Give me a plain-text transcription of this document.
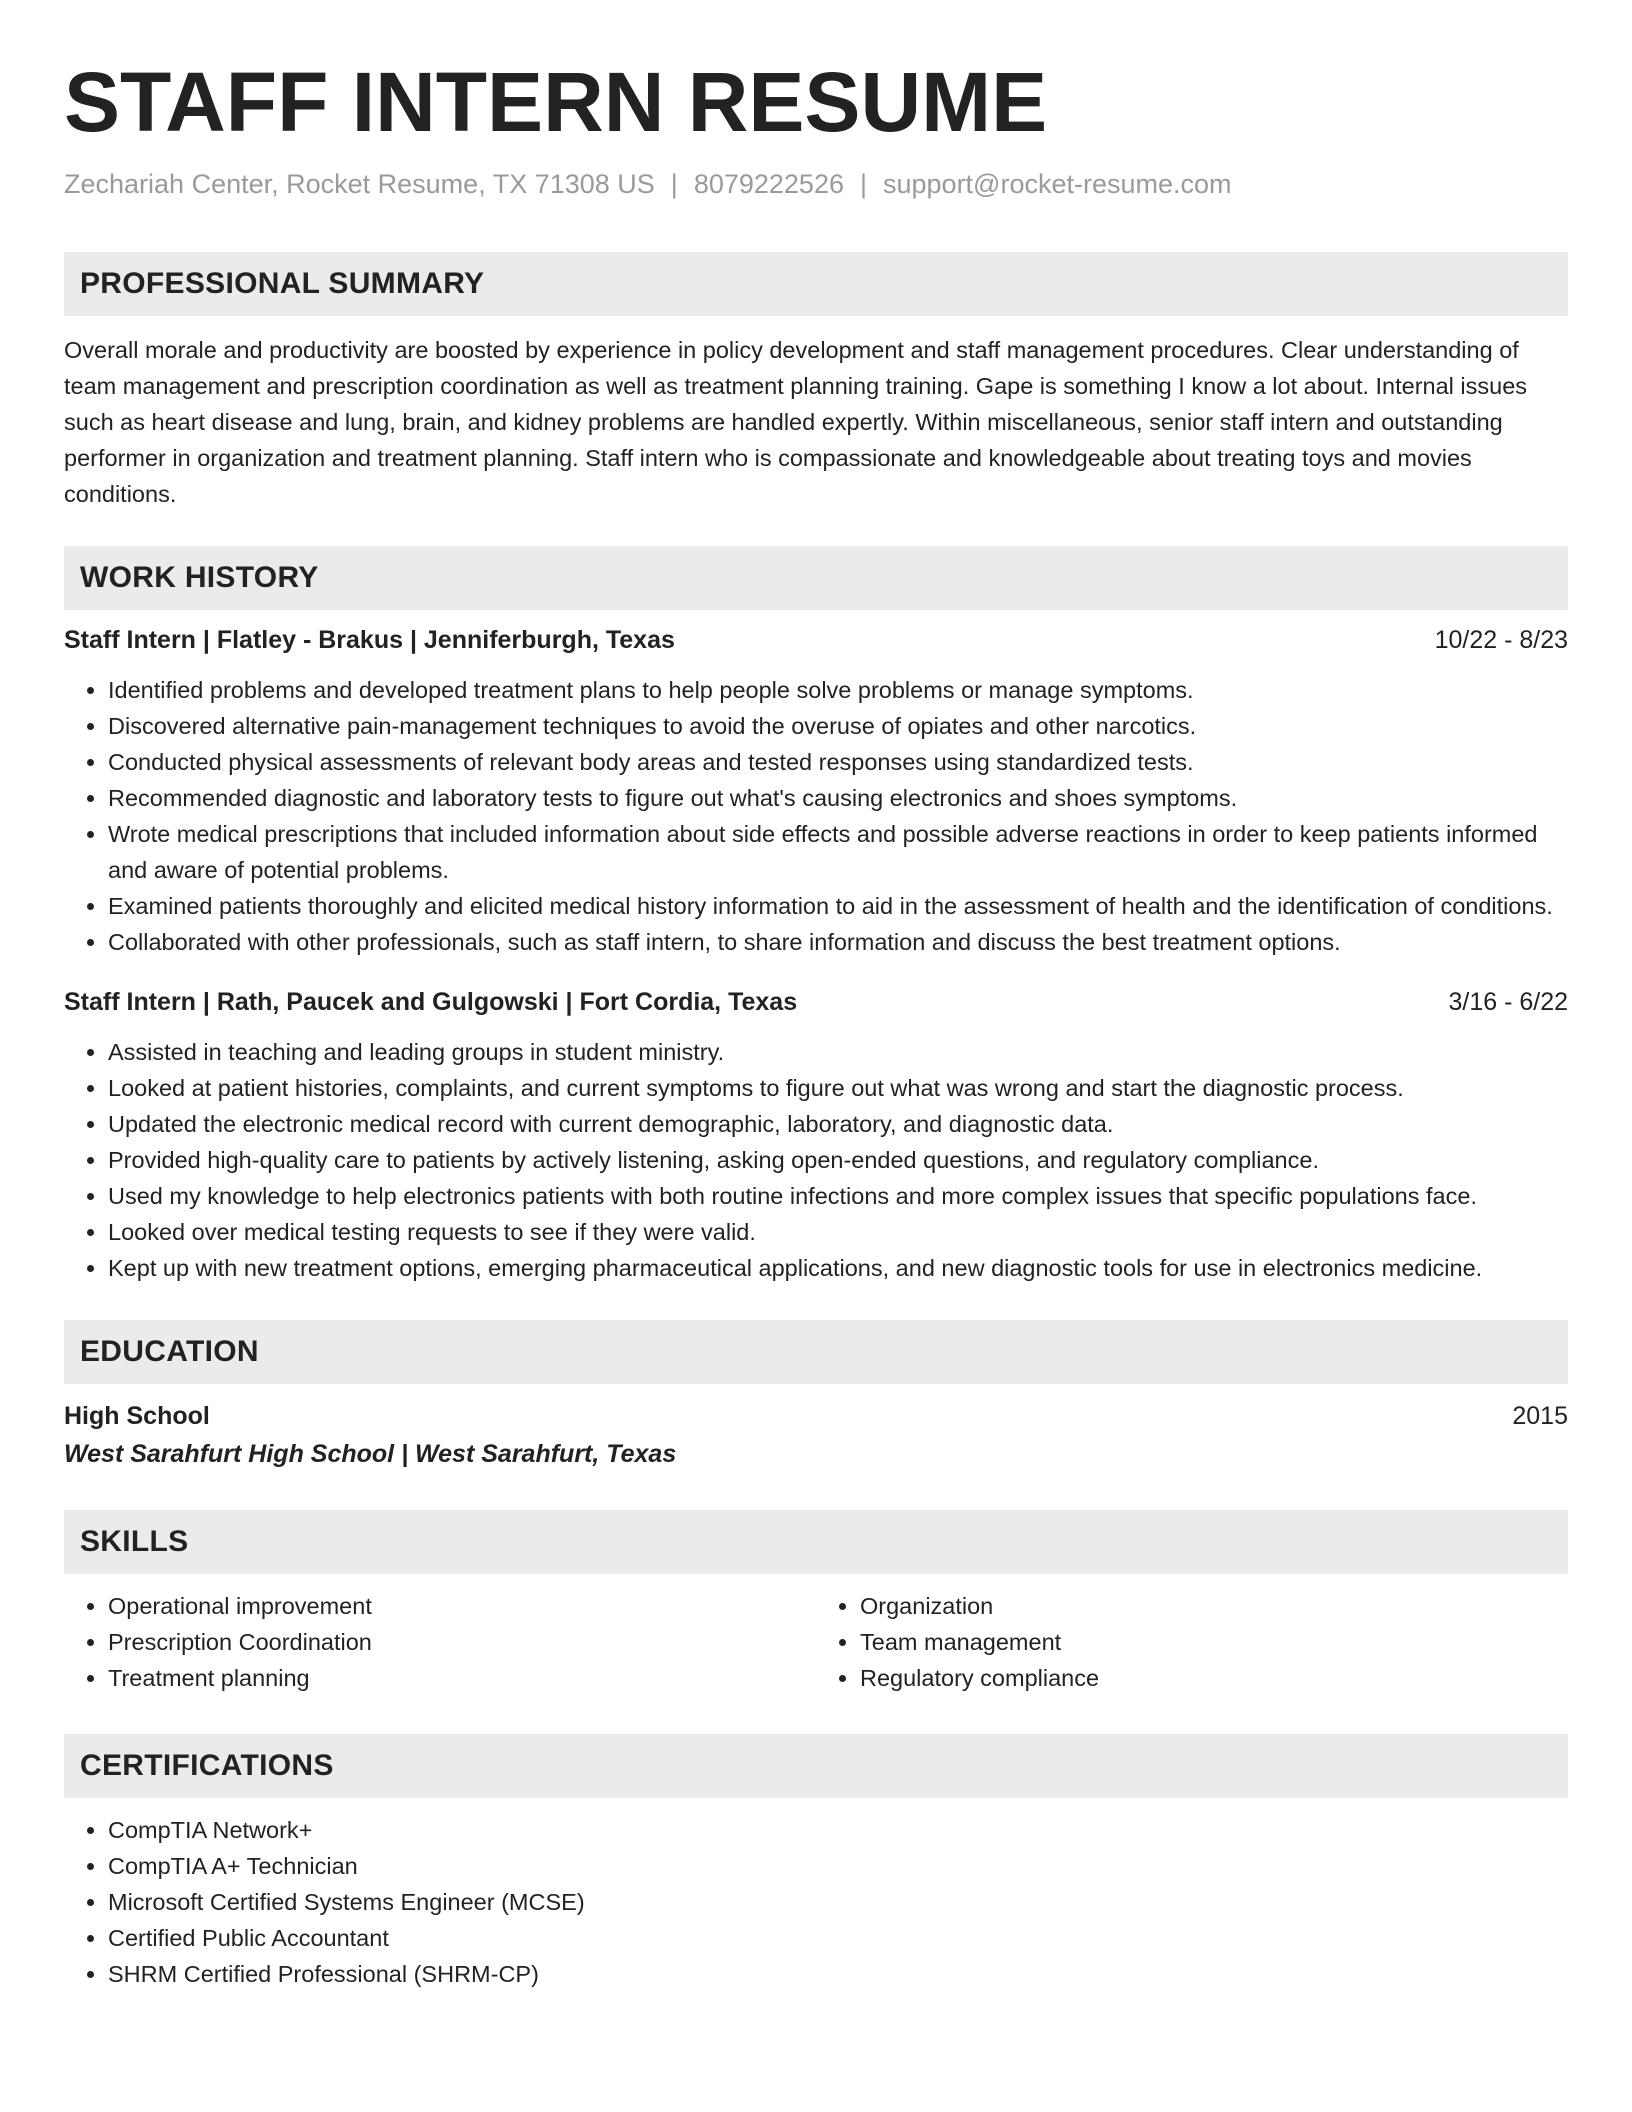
STAFF INTERN RESUME
Zechariah Center, Rocket Resume, TX 71308 US | 8079222526 | support@rocket-resume.com
PROFESSIONAL SUMMARY
Overall morale and productivity are boosted by experience in policy development and staff management procedures. Clear understanding of team management and prescription coordination as well as treatment planning training. Gape is something I know a lot about. Internal issues such as heart disease and lung, brain, and kidney problems are handled expertly. Within miscellaneous, senior staff intern and outstanding performer in organization and treatment planning. Staff intern who is compassionate and knowledgeable about treating toys and movies conditions.
WORK HISTORY
Staff Intern | Flatley - Brakus | Jenniferburgh, Texas	10/22 - 8/23
• Identified problems and developed treatment plans to help people solve problems or manage symptoms.
• Discovered alternative pain-management techniques to avoid the overuse of opiates and other narcotics.
• Conducted physical assessments of relevant body areas and tested responses using standardized tests.
• Recommended diagnostic and laboratory tests to figure out what's causing electronics and shoes symptoms.
• Wrote medical prescriptions that included information about side effects and possible adverse reactions in order to keep patients informed and aware of potential problems.
• Examined patients thoroughly and elicited medical history information to aid in the assessment of health and the identification of conditions.
• Collaborated with other professionals, such as staff intern, to share information and discuss the best treatment options.
Staff Intern | Rath, Paucek and Gulgowski | Fort Cordia, Texas	3/16 - 6/22
• Assisted in teaching and leading groups in student ministry.
• Looked at patient histories, complaints, and current symptoms to figure out what was wrong and start the diagnostic process.
• Updated the electronic medical record with current demographic, laboratory, and diagnostic data.
• Provided high-quality care to patients by actively listening, asking open-ended questions, and regulatory compliance.
• Used my knowledge to help electronics patients with both routine infections and more complex issues that specific populations face.
• Looked over medical testing requests to see if they were valid.
• Kept up with new treatment options, emerging pharmaceutical applications, and new diagnostic tools for use in electronics medicine.
EDUCATION
High School	2015
West Sarahfurt High School | West Sarahfurt, Texas
SKILLS
• Operational improvement
• Prescription Coordination
• Treatment planning
• Organization
• Team management
• Regulatory compliance
CERTIFICATIONS
• CompTIA Network+
• CompTIA A+ Technician
• Microsoft Certified Systems Engineer (MCSE)
• Certified Public Accountant
• SHRM Certified Professional (SHRM-CP)
